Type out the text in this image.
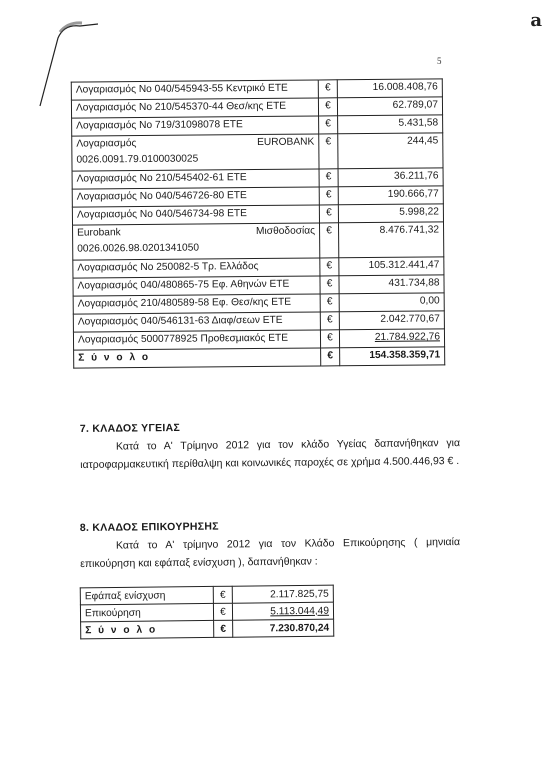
a
5
Λογαριασμός Νο 040/545943-55 Κεντρικό ΕΤΕ	€	16.008.408,76
Λογαριασμός Νο 210/545370-44 Θεσ/κης ΕΤΕ	€	62.789,07
Λογαριασμός Νο 719/31098078 ΕΤΕ	€	5.431,58

Λογαριασμός EUROBANK
0026.0091.79.0100030025	€	244,45
Λογαριασμός Νο 210/545402-61 ΕΤΕ	€	36.211,76
Λογαριασμός Νο 040/546726-80 ΕΤΕ	€	190.666,77
Λογαριασμός Νο 040/546734-98 ΕΤΕ	€	5.998,22

Eurobank Μισθοδοσίας
0026.0026.98.0201341050	€	8.476.741,32
Λογαριασμός Νο 250082-5 Τρ. Ελλάδος	€	105.312.441,47
Λογαριασμός 040/480865-75 Εφ. Αθηνών ΕΤΕ	€	431.734,88
Λογαριασμός 210/480589-58 Εφ. Θεσ/κης ΕΤΕ	€	0,00
Λογαριασμός 040/546131-63 Διαφ/σεων ΕΤΕ	€	2.042.770,67
Λογαριασμός 5000778925 Προθεσμιακός ΕΤΕ	€	21.784.922,76
Σ ύ ν ο λ ο	€	154.358.359,71
7. ΚΛΑΔΟΣ ΥΓΕΙΑΣ

Κατά το Α' Τρίμηνο 2012 για τον κλάδο Υγείας δαπανήθηκαν για ιατροφαρμακευτική περίθαλψη και κοινωνικές παροχές σε χρήμα 4.500.446,93 € .

8. ΚΛΑΔΟΣ ΕΠΙΚΟΥΡΗΣΗΣ

Κατά το Α' τρίμηνο 2012 για τον Κλάδο Επικούρησης ( μηνιαία επικούρηση και εφάπαξ ενίσχυση ), δαπανήθηκαν :

Εφάπαξ ενίσχυση	€	2.117.825,75
Επικούρηση	€	5.113.044,49
Σ ύ ν ο λ ο	€	7.230.870,24
